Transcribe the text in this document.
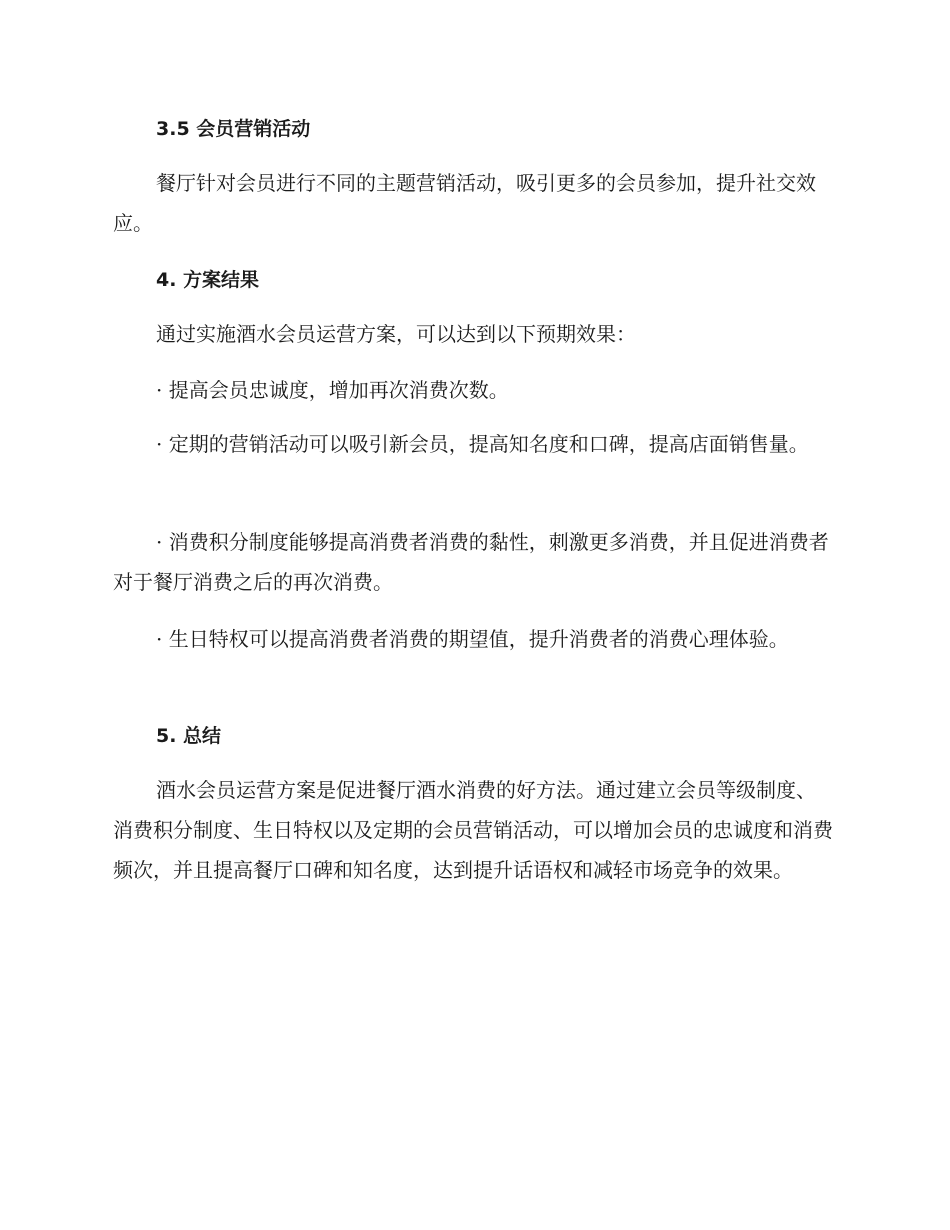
3.5 会员营销活动

餐厅针对会员进行不同的主题营销活动，吸引更多的会员参加，提升社交效应。

4. 方案结果

通过实施酒水会员运营方案，可以达到以下预期效果：

· 提高会员忠诚度，增加再次消费次数。

· 定期的营销活动可以吸引新会员，提高知名度和口碑，提高店面销售量。

· 消费积分制度能够提高消费者消费的黏性，刺激更多消费，并且促进消费者对于餐厅消费之后的再次消费。

· 生日特权可以提高消费者消费的期望值，提升消费者的消费心理体验。

5. 总结

酒水会员运营方案是促进餐厅酒水消费的好方法。通过建立会员等级制度、消费积分制度、生日特权以及定期的会员营销活动，可以增加会员的忠诚度和消费频次，并且提高餐厅口碑和知名度，达到提升话语权和减轻市场竞争的效果。
